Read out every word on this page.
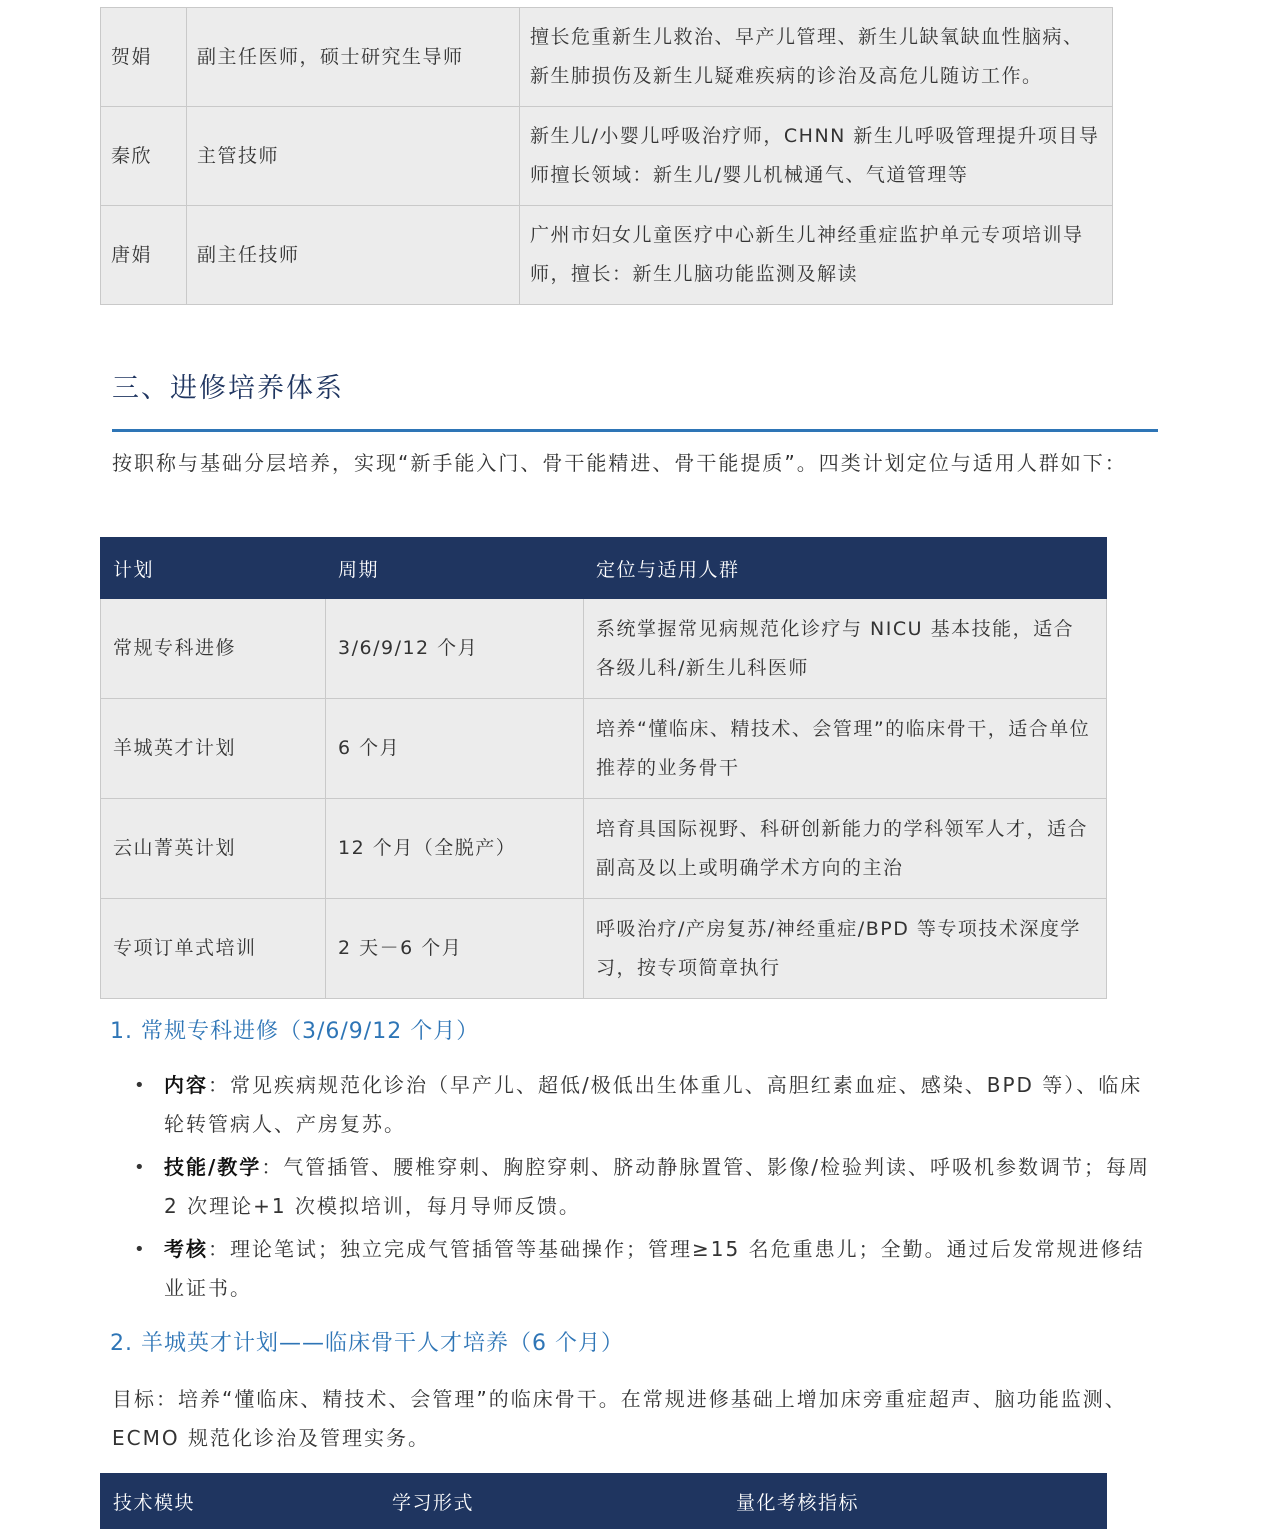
贺娟	副主任医师，硕士研究生导师	擅长危重新生儿救治、早产儿管理、新生儿缺氧缺血性脑病、新生肺损伤及新生儿疑难疾病的诊治及高危儿随访工作。
秦欣	主管技师	新生儿/小婴儿呼吸治疗师，CHNN 新生儿呼吸管理提升项目导师擅长领域：新生儿/婴儿机械通气、气道管理等
唐娟	副主任技师	广州市妇女儿童医疗中心新生儿神经重症监护单元专项培训导师，擅长：新生儿脑功能监测及解读
三、进修培养体系

按职称与基础分层培养，实现“新手能入门、骨干能精进、骨干能提质”。四类计划定位与适用人群如下：

计划	周期	定位与适用人群
常规专科进修	3/6/9/12 个月	系统掌握常见病规范化诊疗与 NICU 基本技能，适合各级儿科/新生儿科医师
羊城英才计划	6 个月	培养“懂临床、精技术、会管理”的临床骨干，适合单位推荐的业务骨干
云山菁英计划	12 个月（全脱产）	培育具国际视野、科研创新能力的学科领军人才，适合副高及以上或明确学术方向的主治
专项订单式培训	2 天－6 个月	呼吸治疗/产房复苏/神经重症/BPD 等专项技术深度学习，按专项简章执行
1. 常规专科进修（3/6/9/12 个月）
• 内容：常见疾病规范化诊治（早产儿、超低/极低出生体重儿、高胆红素血症、感染、BPD 等）、临床轮转管病人、产房复苏。
• 技能/教学：气管插管、腰椎穿刺、胸腔穿刺、脐动静脉置管、影像/检验判读、呼吸机参数调节；每周 2 次理论+1 次模拟培训，每月导师反馈。
• 考核：理论笔试；独立完成气管插管等基础操作；管理≥15 名危重患儿；全勤。通过后发常规进修结业证书。
2. 羊城英才计划——临床骨干人才培养（6 个月）

目标：培养“懂临床、精技术、会管理”的临床骨干。在常规进修基础上增加床旁重症超声、脑功能监测、ECMO 规范化诊治及管理实务。

技术模块	学习形式	量化考核指标
